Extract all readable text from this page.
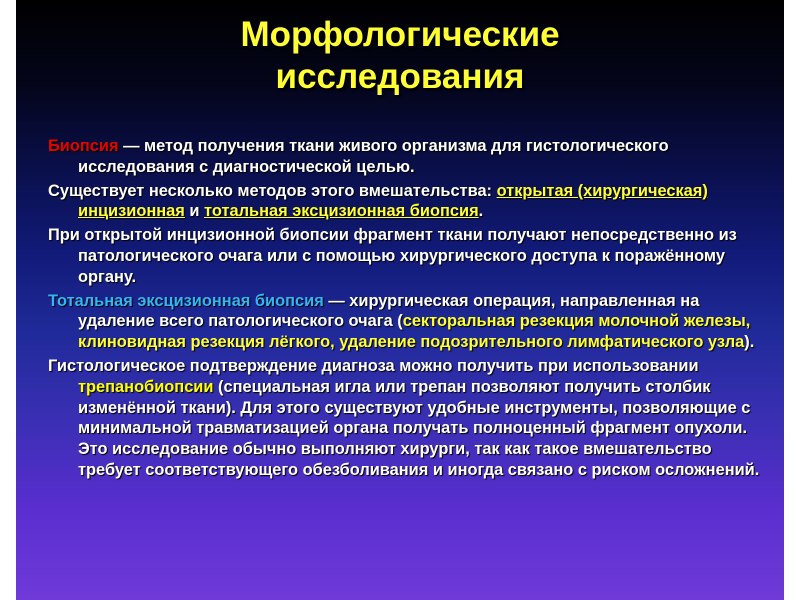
Морфологические
исследования

Биопсия — метод получения ткани живого организма для гистологического исследования с диагностической целью.

Существует несколько методов этого вмешательства: открытая (хирургическая) инцизионная и тотальная эксцизионная биопсия.

При открытой инцизионной биопсии фрагмент ткани получают непосредственно из патологического очага или с помощью хирургического доступа к поражённому органу.

Тотальная эксцизионная биопсия — хирургическая операция, направленная на удаление всего патологического очага (секторальная резекция молочной железы, клиновидная резекция лёгкого, удаление подозрительного лимфатического узла).

Гистологическое подтверждение диагноза можно получить при использовании трепанобиопсии (специальная игла или трепан позволяют получить столбик изменённой ткани). Для этого существуют удобные инструменты, позволяющие с минимальной травматизацией органа получать полноценный фрагмент опухоли. Это исследование обычно выполняют хирурги, так как такое вмешательство требует соответствующего обезболивания и иногда связано с риском осложнений.
